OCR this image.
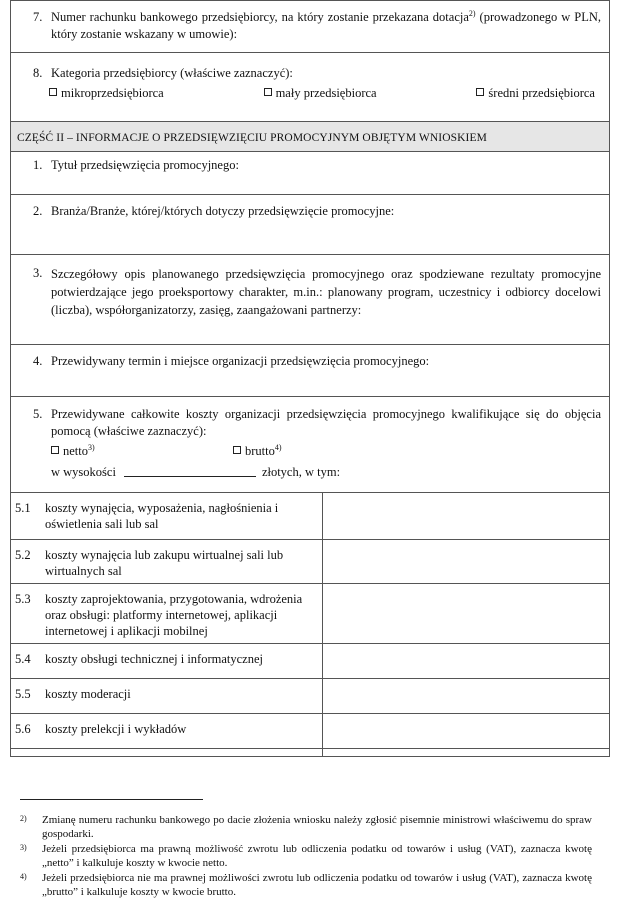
7. Numer rachunku bankowego przedsiębiorcy, na który zostanie przekazana dotacja$^{2)}$ (prowadzonego w PLN, który zostanie wskazany w umowie):
8. Kategoria przedsiębiorcy (właściwe zaznaczyć):
mikroprzedsiębiorca	mały przedsiębiorca	średni przedsiębiorca
CZĘŚĆ II – INFORMACJE O PRZEDSIĘWZIĘCIU PROMOCYJNYM OBJĘTYM WNIOSKIEM
1. Tytuł przedsięwzięcia promocyjnego:
2. Branża/Branże, której/których dotyczy przedsięwzięcie promocyjne:
3. Szczegółowy opis planowanego przedsięwzięcia promocyjnego oraz spodziewane rezultaty promocyjne potwierdzające jego proeksportowy charakter, m.in.: planowany program, uczestnicy i odbiorcy docelowi (liczba), współorganizatorzy, zasięg, zaangażowani partnerzy:
4. Przewidywany termin i miejsce organizacji przedsięwzięcia promocyjnego:
5. Przewidywane całkowite koszty organizacji przedsięwzięcia promocyjnego kwalifikujące się do objęcia pomocą (właściwe zaznaczyć):
netto$^{3)}$	brutto$^{4)}$
w wysokości	złotych, w tym:
5.1	koszty wynajęcia, wyposażenia, nagłośnienia i oświetlenia sali lub sal
5.2	koszty wynajęcia lub zakupu wirtualnej sali lub wirtualnych sal
5.3	koszty zaprojektowania, przygotowania, wdrożenia oraz obsługi: platformy internetowej, aplikacji internetowej i aplikacji mobilnej
5.4	koszty obsługi technicznej i informatycznej
5.5	koszty moderacji
5.6	koszty prelekcji i wykładów
2)	Zmianę numeru rachunku bankowego po dacie złożenia wniosku należy zgłosić pisemnie ministrowi właściwemu do spraw gospodarki.
3)	Jeżeli przedsiębiorca ma prawną możliwość zwrotu lub odliczenia podatku od towarów i usług (VAT), zaznacza kwotę „netto” i kalkuluje koszty w kwocie netto.
4)	Jeżeli przedsiębiorca nie ma prawnej możliwości zwrotu lub odliczenia podatku od towarów i usług (VAT), zaznacza kwotę „brutto” i kalkuluje koszty w kwocie brutto.
